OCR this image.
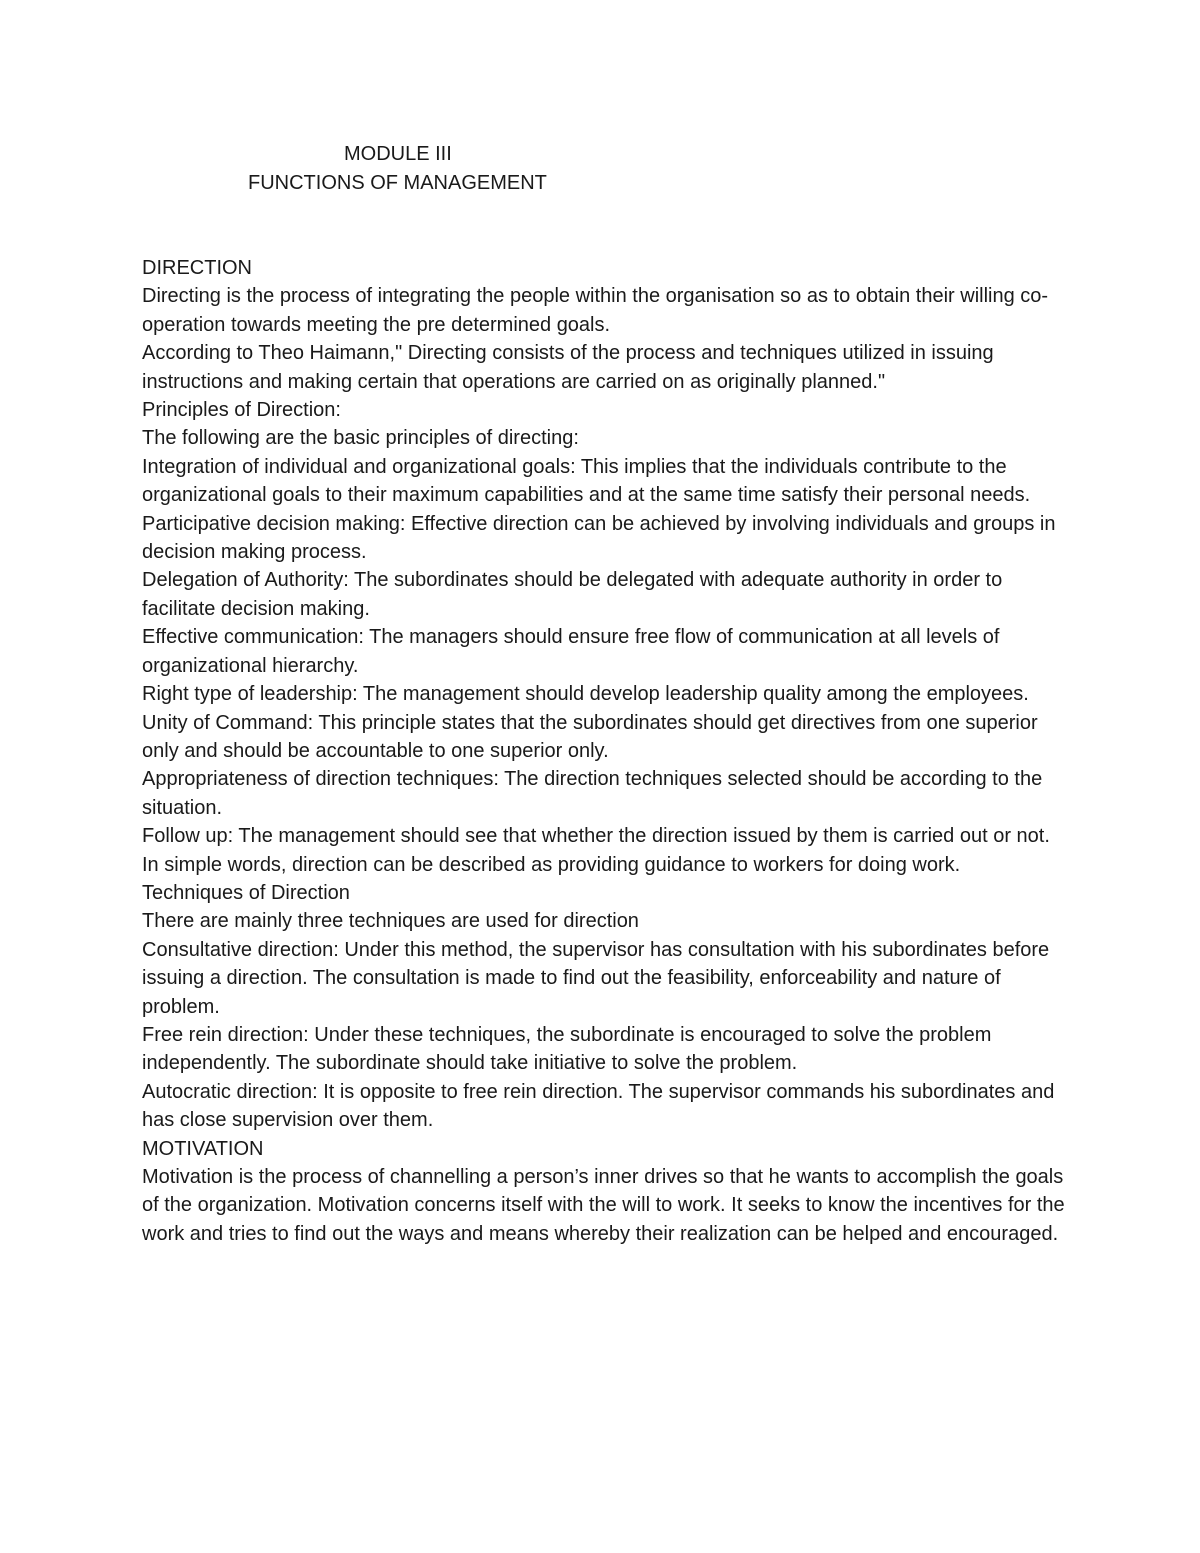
MODULE III
FUNCTIONS OF MANAGEMENT

DIRECTION

Directing is the process of integrating the people within the organisation so as to obtain their willing co-operation towards meeting the pre determined goals.

According to Theo Haimann," Directing consists of the process and techniques utilized in issuing instructions and making certain that operations are carried on as originally planned."

Principles of Direction:

The following are the basic principles of directing:

Integration of individual and organizational goals: This implies that the individuals contribute to the organizational goals to their maximum capabilities and at the same time satisfy their personal needs.

Participative decision making: Effective direction can be achieved by involving individuals and groups in decision making process.

Delegation of Authority: The subordinates should be delegated with adequate authority in order to facilitate decision making.

Effective communication: The managers should ensure free flow of communication at all levels of organizational hierarchy.

Right type of leadership: The management should develop leadership quality among the employees.

Unity of Command: This principle states that the subordinates should get directives from one superior only and should be accountable to one superior only.

Appropriateness of direction techniques: The direction techniques selected should be according to the situation.

Follow up: The management should see that whether the direction issued by them is carried out or not.

In simple words, direction can be described as providing guidance to workers for doing work.

Techniques of Direction

There are mainly three techniques are used for direction

Consultative direction: Under this method, the supervisor has consultation with his subordinates before issuing a direction. The consultation is made to find out the feasibility, enforceability and nature of problem.

Free rein direction: Under these techniques, the subordinate is encouraged to solve the problem independently. The subordinate should take initiative to solve the problem.

Autocratic direction: It is opposite to free rein direction. The supervisor commands his subordinates and has close supervision over them.

MOTIVATION

Motivation is the process of channelling a person’s inner drives so that he wants to accomplish the goals of the organization. Motivation concerns itself with the will to work. It seeks to know the incentives for the work and tries to find out the ways and means whereby their realization can be helped and encouraged.
